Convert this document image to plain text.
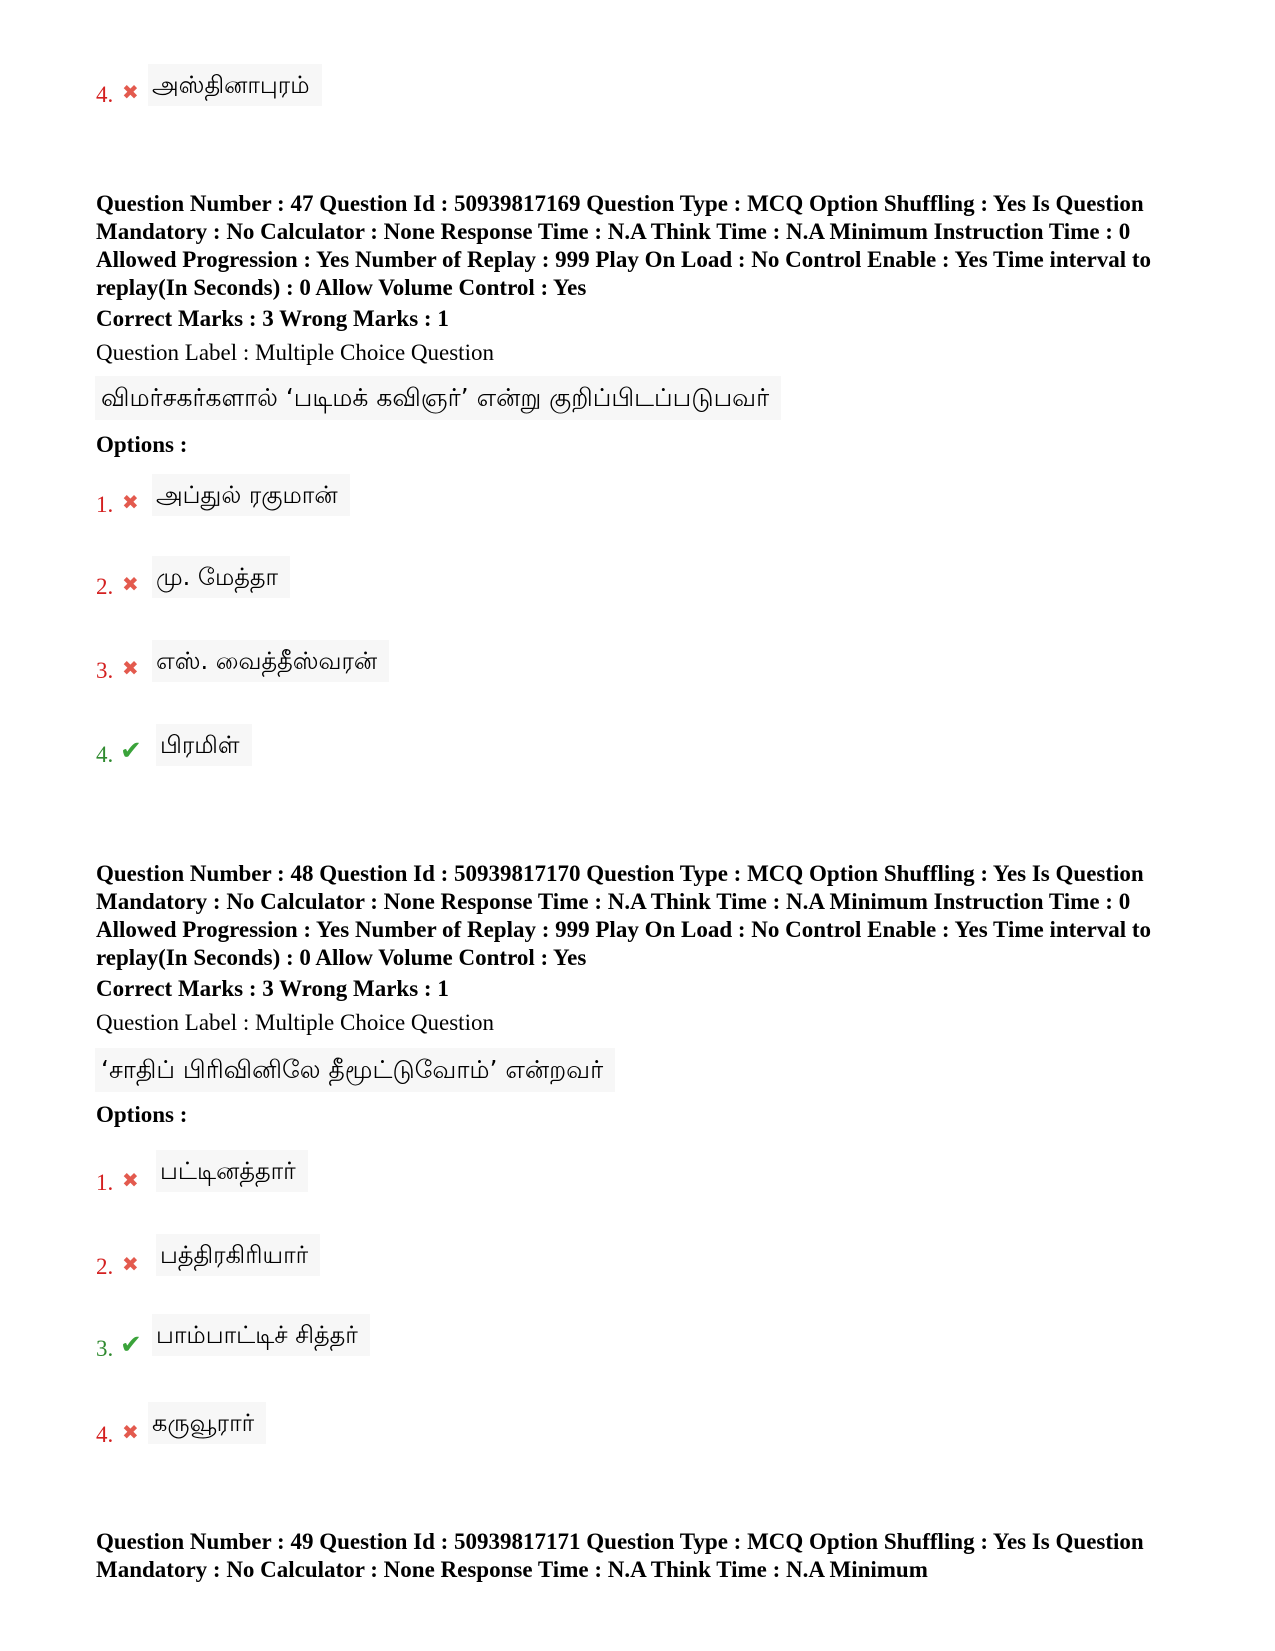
4. ✖ அஸ்தினாபுரம்
Question Number : 47 Question Id : 50939817169 Question Type : MCQ Option Shuffling : Yes Is Question Mandatory : No Calculator : None Response Time : N.A Think Time : N.A Minimum Instruction Time : 0 Allowed Progression : Yes Number of Replay : 999 Play On Load : No Control Enable : Yes Time interval to replay(In Seconds) : 0 Allow Volume Control : Yes
Correct Marks : 3 Wrong Marks : 1
Question Label : Multiple Choice Question
விமர்சகர்களால் ‘படிமக் கவிஞர்’ என்று குறிப்பிடப்படுபவர்
Options :
1. ✖ அப்துல் ரகுமான்
2. ✖ மு. மேத்தா
3. ✖ எஸ். வைத்தீஸ்வரன்
4. ✔ பிரமிள்
Question Number : 48 Question Id : 50939817170 Question Type : MCQ Option Shuffling : Yes Is Question Mandatory : No Calculator : None Response Time : N.A Think Time : N.A Minimum Instruction Time : 0 Allowed Progression : Yes Number of Replay : 999 Play On Load : No Control Enable : Yes Time interval to replay(In Seconds) : 0 Allow Volume Control : Yes
Correct Marks : 3 Wrong Marks : 1
Question Label : Multiple Choice Question
‘சாதிப் பிரிவினிலே தீமூட்டுவோம்’ என்றவர்
Options :
1. ✖ பட்டினத்தார்
2. ✖ பத்திரகிரியார்
3. ✔ பாம்பாட்டிச் சித்தர்
4. ✖ கருவூரார்
Question Number : 49 Question Id : 50939817171 Question Type : MCQ Option Shuffling : Yes Is Question Mandatory : No Calculator : None Response Time : N.A Think Time : N.A Minimum
